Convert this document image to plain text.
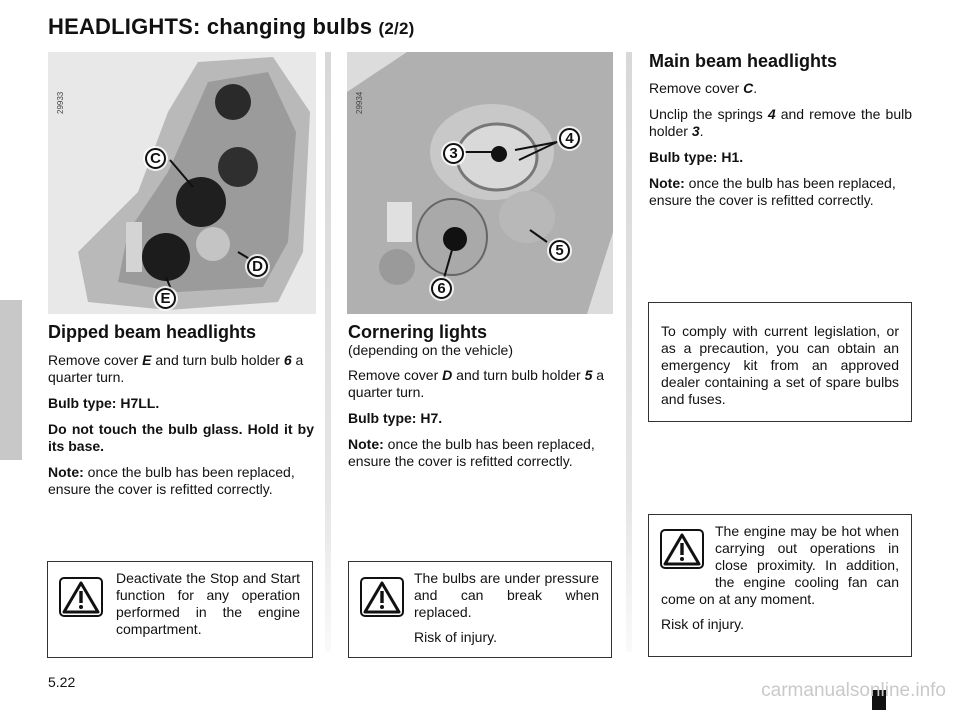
HEADLIGHTS: changing bulbs (2/2)
29933
C
D
E
29934
3
4
5
6
Dipped beam headlights

Remove cover E and turn bulb holder 6 a quarter turn.

Bulb type: H7LL.

Do not touch the bulb glass. Hold it by its base.

Note: once the bulb has been replaced, ensure the cover is refitted correctly.

Cornering lights
(depending on the vehicle)

Remove cover D and turn bulb holder 5 a quarter turn.

Bulb type: H7.

Note: once the bulb has been replaced, ensure the cover is refitted correctly.

Main beam headlights

Remove cover C.

Unclip the springs 4 and remove the bulb holder 3.

Bulb type: H1.

Note: once the bulb has been replaced, ensure the cover is refitted correctly.

To comply with current legislation, or as a precaution, you can obtain an emergency kit from an approved dealer containing a set of spare bulbs and fuses.

Deactivate the Stop and Start function for any operation performed in the engine compartment.

The bulbs are under pressure and can break when replaced.

Risk of injury.

The engine may be hot when carrying out operations in close proximity. In addition, the engine cooling fan can come on at any moment.

Risk of injury.

5.22	carmanualsonline.info
